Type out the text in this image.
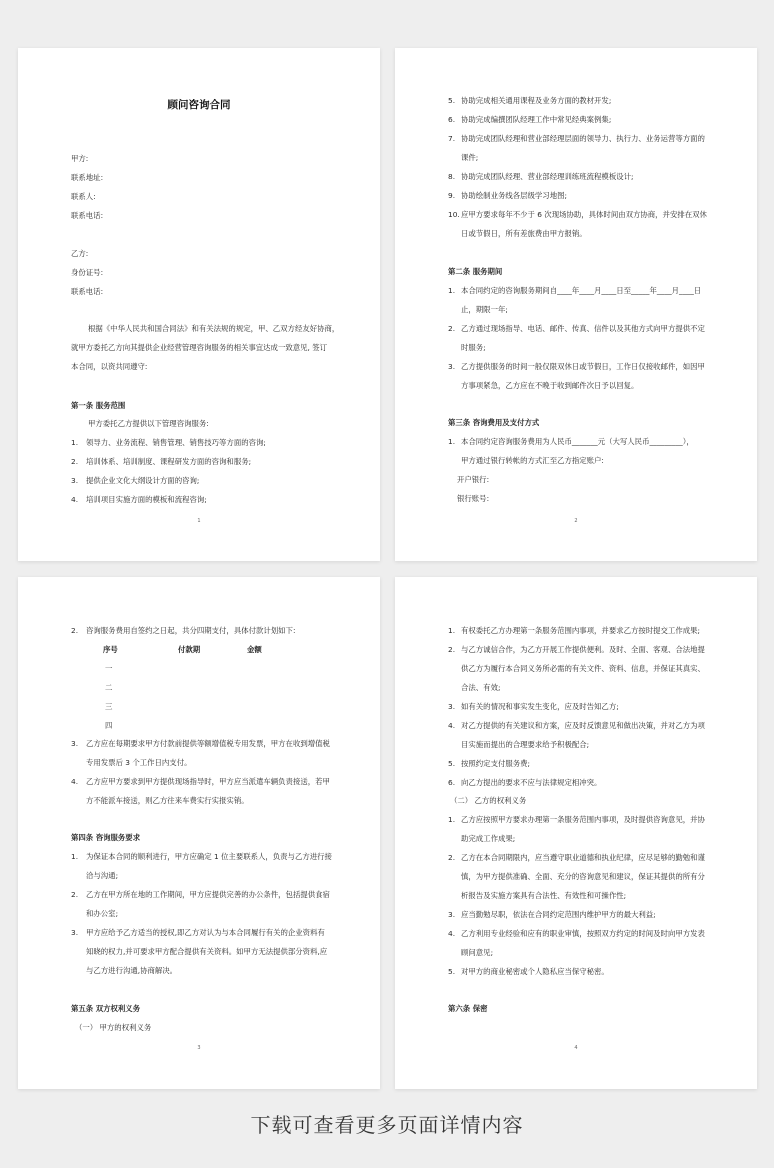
顾问咨询合同
甲方:
联系地址:
联系人:
联系电话:
乙方:
身份证号:
联系电话:
根据《中华人民共和国合同法》和有关法规的规定，甲、乙双方经友好协商，
就甲方委托乙方向其提供企业经营管理咨询服务的相关事宜达成一致意见, 签订
本合同，以资共同遵守:
第一条 服务范围
甲方委托乙方提供以下管理咨询服务:
1. 领导力、业务流程、销售管理、销售技巧等方面的咨询;
2. 培训体系、培训制度、课程研发方面的咨询和服务;
3. 提供企业文化大纲设计方面的咨询;
4. 培训项目实施方面的模板和流程咨询;
1
5. 协助完成相关通用课程及业务方面的教材开发;
6. 协助完成编撰团队经理工作中常见经典案例集;
7. 协助完成团队经理和营业部经理层面的领导力、执行力、业务运营等方面的
课件;
8. 协助完成团队经理、营业部经理训练班流程模板设计;
9. 协助绘制业务线各层级学习地图;
10. 应甲方要求每年不少于 6 次现场协助，具体时间由双方协商，并安排在双休
日或节假日，所有差旅费由甲方报销。
第二条 服务期间
1. 本合同约定的咨询服务期间自____年____月____日至_____年____月____日
止，期限一年;
2. 乙方通过现场指导、电话、邮件、传真、信件以及其他方式向甲方提供不定
时服务;
3. 乙方提供服务的时间一般仅限双休日或节假日，工作日仅接收邮件，如因甲
方事项紧急，乙方应在不晚于收到邮件次日予以回复。
第三条 咨询费用及支付方式
1. 本合同约定咨询服务费用为人民币_______元（大写人民币_________），
甲方通过银行转帐的方式汇至乙方指定账户:
开户银行:
银行账号:
2
2. 咨询服务费用自签约之日起，共分四期支付，具体付款计划如下:
序号	付款期	金额
一
二
三
四
3. 乙方应在每期要求甲方付款前提供等额增值税专用发票，甲方在收到增值税
专用发票后 3 个工作日内支付。
4. 乙方应甲方要求到甲方提供现场指导时，甲方应当派遣车辆负责接送，若甲
方不能派车接送，则乙方往来车费实行实报实销。
第四条 咨询服务要求
1. 为保证本合同的顺利进行，甲方应确定 1 位主要联系人，负责与乙方进行接
洽与沟通;
2. 乙方在甲方所在地的工作期间，甲方应提供完善的办公条件，包括提供食宿
和办公室;
3. 甲方应给予乙方适当的授权,即乙方对认为与本合同履行有关的企业资料有
知晓的权力,并可要求甲方配合提供有关资料。如甲方无法提供部分资料,应
与乙方进行沟通,协商解决。
第五条 双方权利义务
（一） 甲方的权利义务
3
1. 有权委托乙方办理第一条服务范围内事项，并要求乙方按时提交工作成果;
2. 与乙方诚信合作，为乙方开展工作提供便利。及时、全面、客观、合法地提
供乙方为履行本合同义务所必需的有关文件、资料、信息，并保证其真实、
合法、有效;
3. 如有关的情况和事实发生变化，应及时告知乙方;
4. 对乙方提供的有关建议和方案，应及时反馈意见和做出决策，并对乙方为项
目实施而提出的合理要求给予积极配合;
5. 按照约定支付服务费;
6. 向乙方提出的要求不应与法律规定相冲突。
（二） 乙方的权利义务
1. 乙方应按照甲方要求办理第一条服务范围内事项，及时提供咨询意见，并协
助完成工作成果;
2. 乙方在本合同期限内，应当遵守职业道德和执业纪律，应尽足够的勤勉和谨
慎，为甲方提供准确、全面、充分的咨询意见和建议，保证其提供的所有分
析报告及实施方案具有合法性、有效性和可操作性;
3. 应当勤勉尽职，依法在合同约定范围内维护甲方的最大利益;
4. 乙方利用专业经验和应有的职业审慎，按照双方约定的时间及时向甲方发表
顾问意见;
5. 对甲方的商业秘密或个人隐私应当保守秘密。
第六条 保密
4
下载可查看更多页面详情内容
